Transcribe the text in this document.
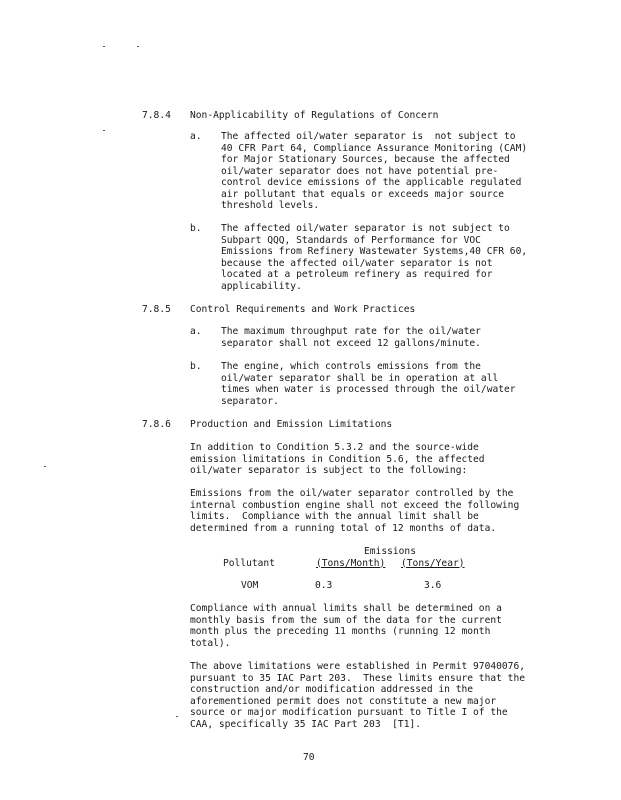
7.8.4 Non-Applicability of Regulations of Concern
a. The affected oil/water separator is  not subject to
40 CFR Part 64, Compliance Assurance Monitoring (CAM)
for Major Stationary Sources, because the affected
oil/water separator does not have potential pre-
control device emissions of the applicable regulated
air pollutant that equals or exceeds major source
threshold levels.
b. The affected oil/water separator is not subject to
Subpart QQQ, Standards of Performance for VOC
Emissions from Refinery Wastewater Systems,40 CFR 60,
because the affected oil/water separator is not
located at a petroleum refinery as required for
applicability.
7.8.5 Control Requirements and Work Practices
a. The maximum throughput rate for the oil/water
separator shall not exceed 12 gallons/minute.
b. The engine, which controls emissions from the
oil/water separator shall be in operation at all
times when water is processed through the oil/water
separator.
7.8.6 Production and Emission Limitations
In addition to Condition 5.3.2 and the source-wide
emission limitations in Condition 5.6, the affected
oil/water separator is subject to the following:
Emissions from the oil/water separator controlled by the
internal combustion engine shall not exceed the following
limits.  Compliance with the annual limit shall be
determined from a running total of 12 months of data.
Emissions
Pollutant	(Tons/Month) (Tons/Year)
VOM	0.3	3.6
Compliance with annual limits shall be determined on a
monthly basis from the sum of the data for the current
month plus the preceding 11 months (running 12 month
total).
The above limitations were established in Permit 97040076,
pursuant to 35 IAC Part 203.  These limits ensure that the
construction and/or modification addressed in the
aforementioned permit does not constitute a new major
source or major modification pursuant to Title I of the
CAA, specifically 35 IAC Part 203  [T1].
70
